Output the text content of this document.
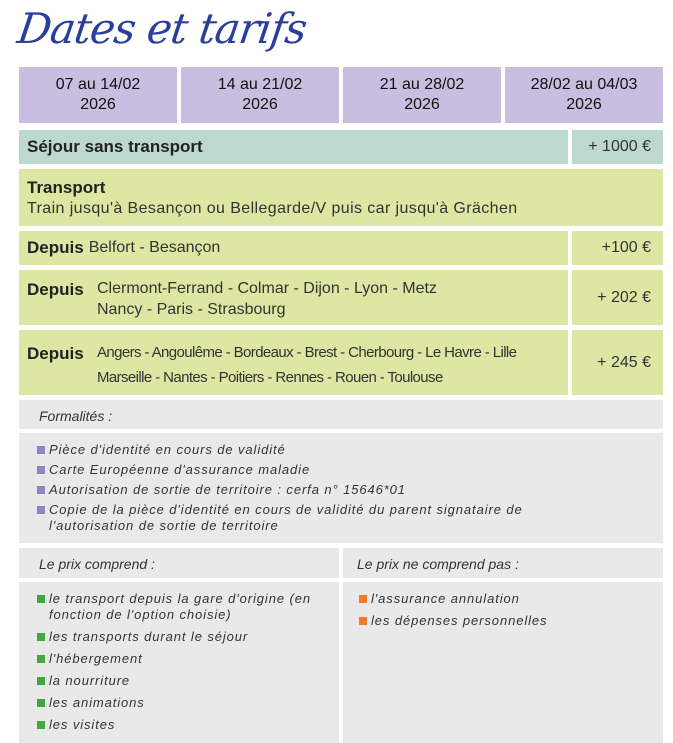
Dates et tarifs
07 au 14/02
2026
14 au 21/02
2026
21 au 28/02
2026
28/02 au 04/03
2026
Séjour sans transport	+ 1000 €
Transport
Train jusqu'à Besançon ou Bellegarde/V puis car jusqu'à Grächen
Depuis Belfort - Besançon	+100 €
Depuis Clermont-Ferrand - Colmar - Dijon - Lyon - Metz
Nancy - Paris - Strasbourg
+ 202 €
Depuis Angers - Angoulême - Bordeaux - Brest - Cherbourg - Le Havre - Lille
Marseille - Nantes - Poitiers - Rennes - Rouen - Toulouse
+ 245 €
Formalités :
Pièce d'identité en cours de validité
Carte Européenne d'assurance maladie
Autorisation de sortie de territoire : cerfa n° 15646*01
Copie de la pièce d'identité en cours de validité du parent signataire de l'autorisation de sortie de territoire
Le prix comprend :
le transport depuis la gare d'origine (en fonction de l'option choisie)
les transports durant le séjour
l'hébergement
la nourriture
les animations
les visites
Le prix ne comprend pas :
l'assurance annulation
les dépenses personnelles
